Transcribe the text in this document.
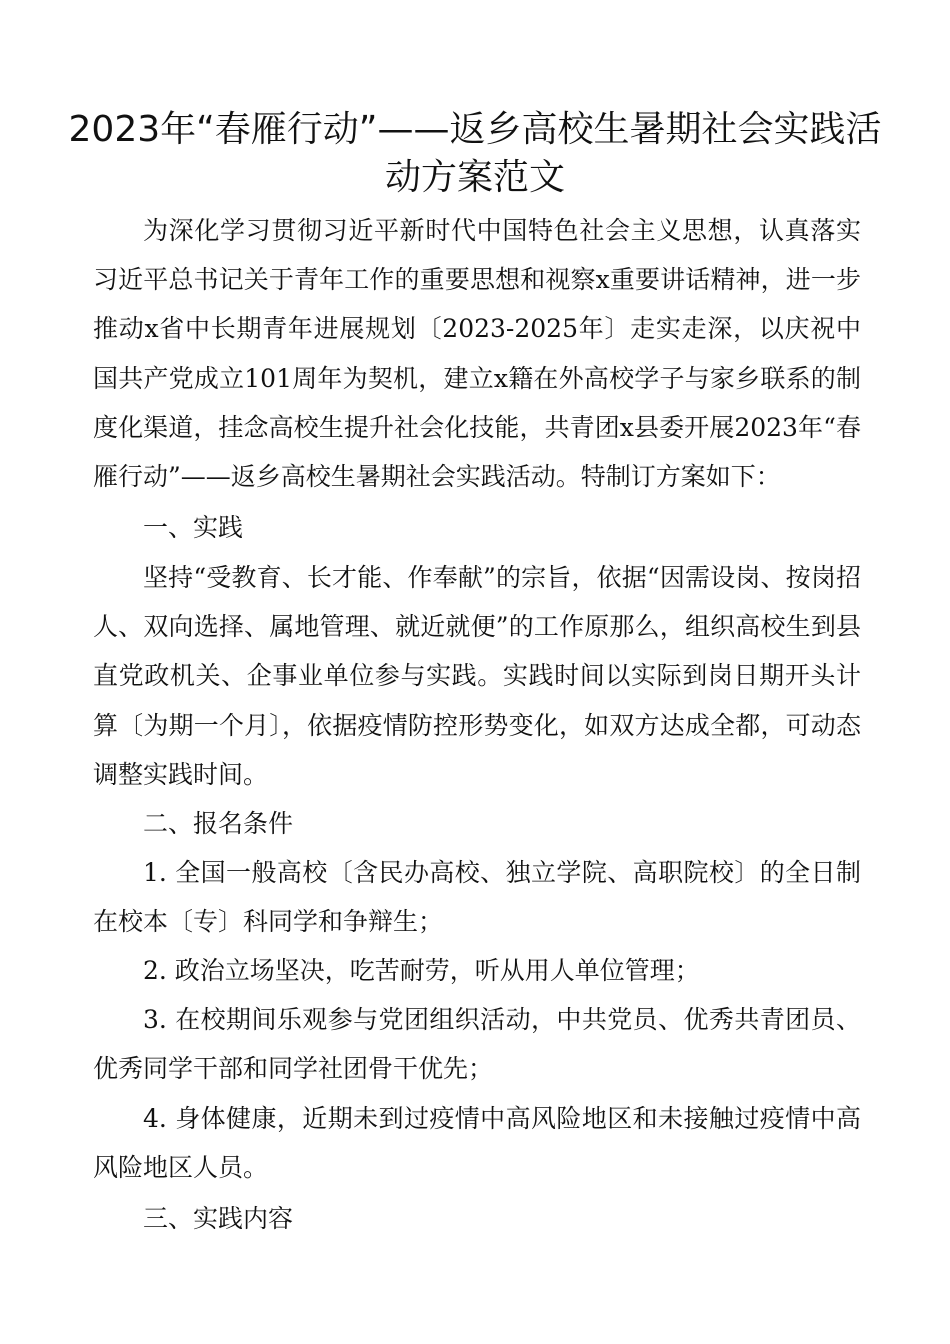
2023年“春雁行动”——返乡高校生暑期社会实践活动方案范文

为深化学习贯彻习近平新时代中国特色社会主义思想，认真落实习近平总书记关于青年工作的重要思想和视察x重要讲话精神，进一步推动x省中长期青年进展规划〔2023-2025年〕走实走深，以庆祝中国共产党成立101周年为契机，建立x籍在外高校学子与家乡联系的制度化渠道，挂念高校生提升社会化技能，共青团x县委开展2023年“春雁行动”——返乡高校生暑期社会实践活动。特制订方案如下：

一、实践

坚持“受教育、长才能、作奉献”的宗旨，依据“因需设岗、按岗招人、双向选择、属地管理、就近就便”的工作原那么，组织高校生到县直党政机关、企事业单位参与实践。实践时间以实际到岗日期开头计算〔为期一个月〕，依据疫情防控形势变化，如双方达成全都，可动态调整实践时间。

二、报名条件

1. 全国一般高校〔含民办高校、独立学院、高职院校〕的全日制在校本〔专〕科同学和争辩生；

2. 政治立场坚决，吃苦耐劳，听从用人单位管理；

3. 在校期间乐观参与党团组织活动，中共党员、优秀共青团员、优秀同学干部和同学社团骨干优先；

4. 身体健康，近期未到过疫情中高风险地区和未接触过疫情中高风险地区人员。

三、实践内容
